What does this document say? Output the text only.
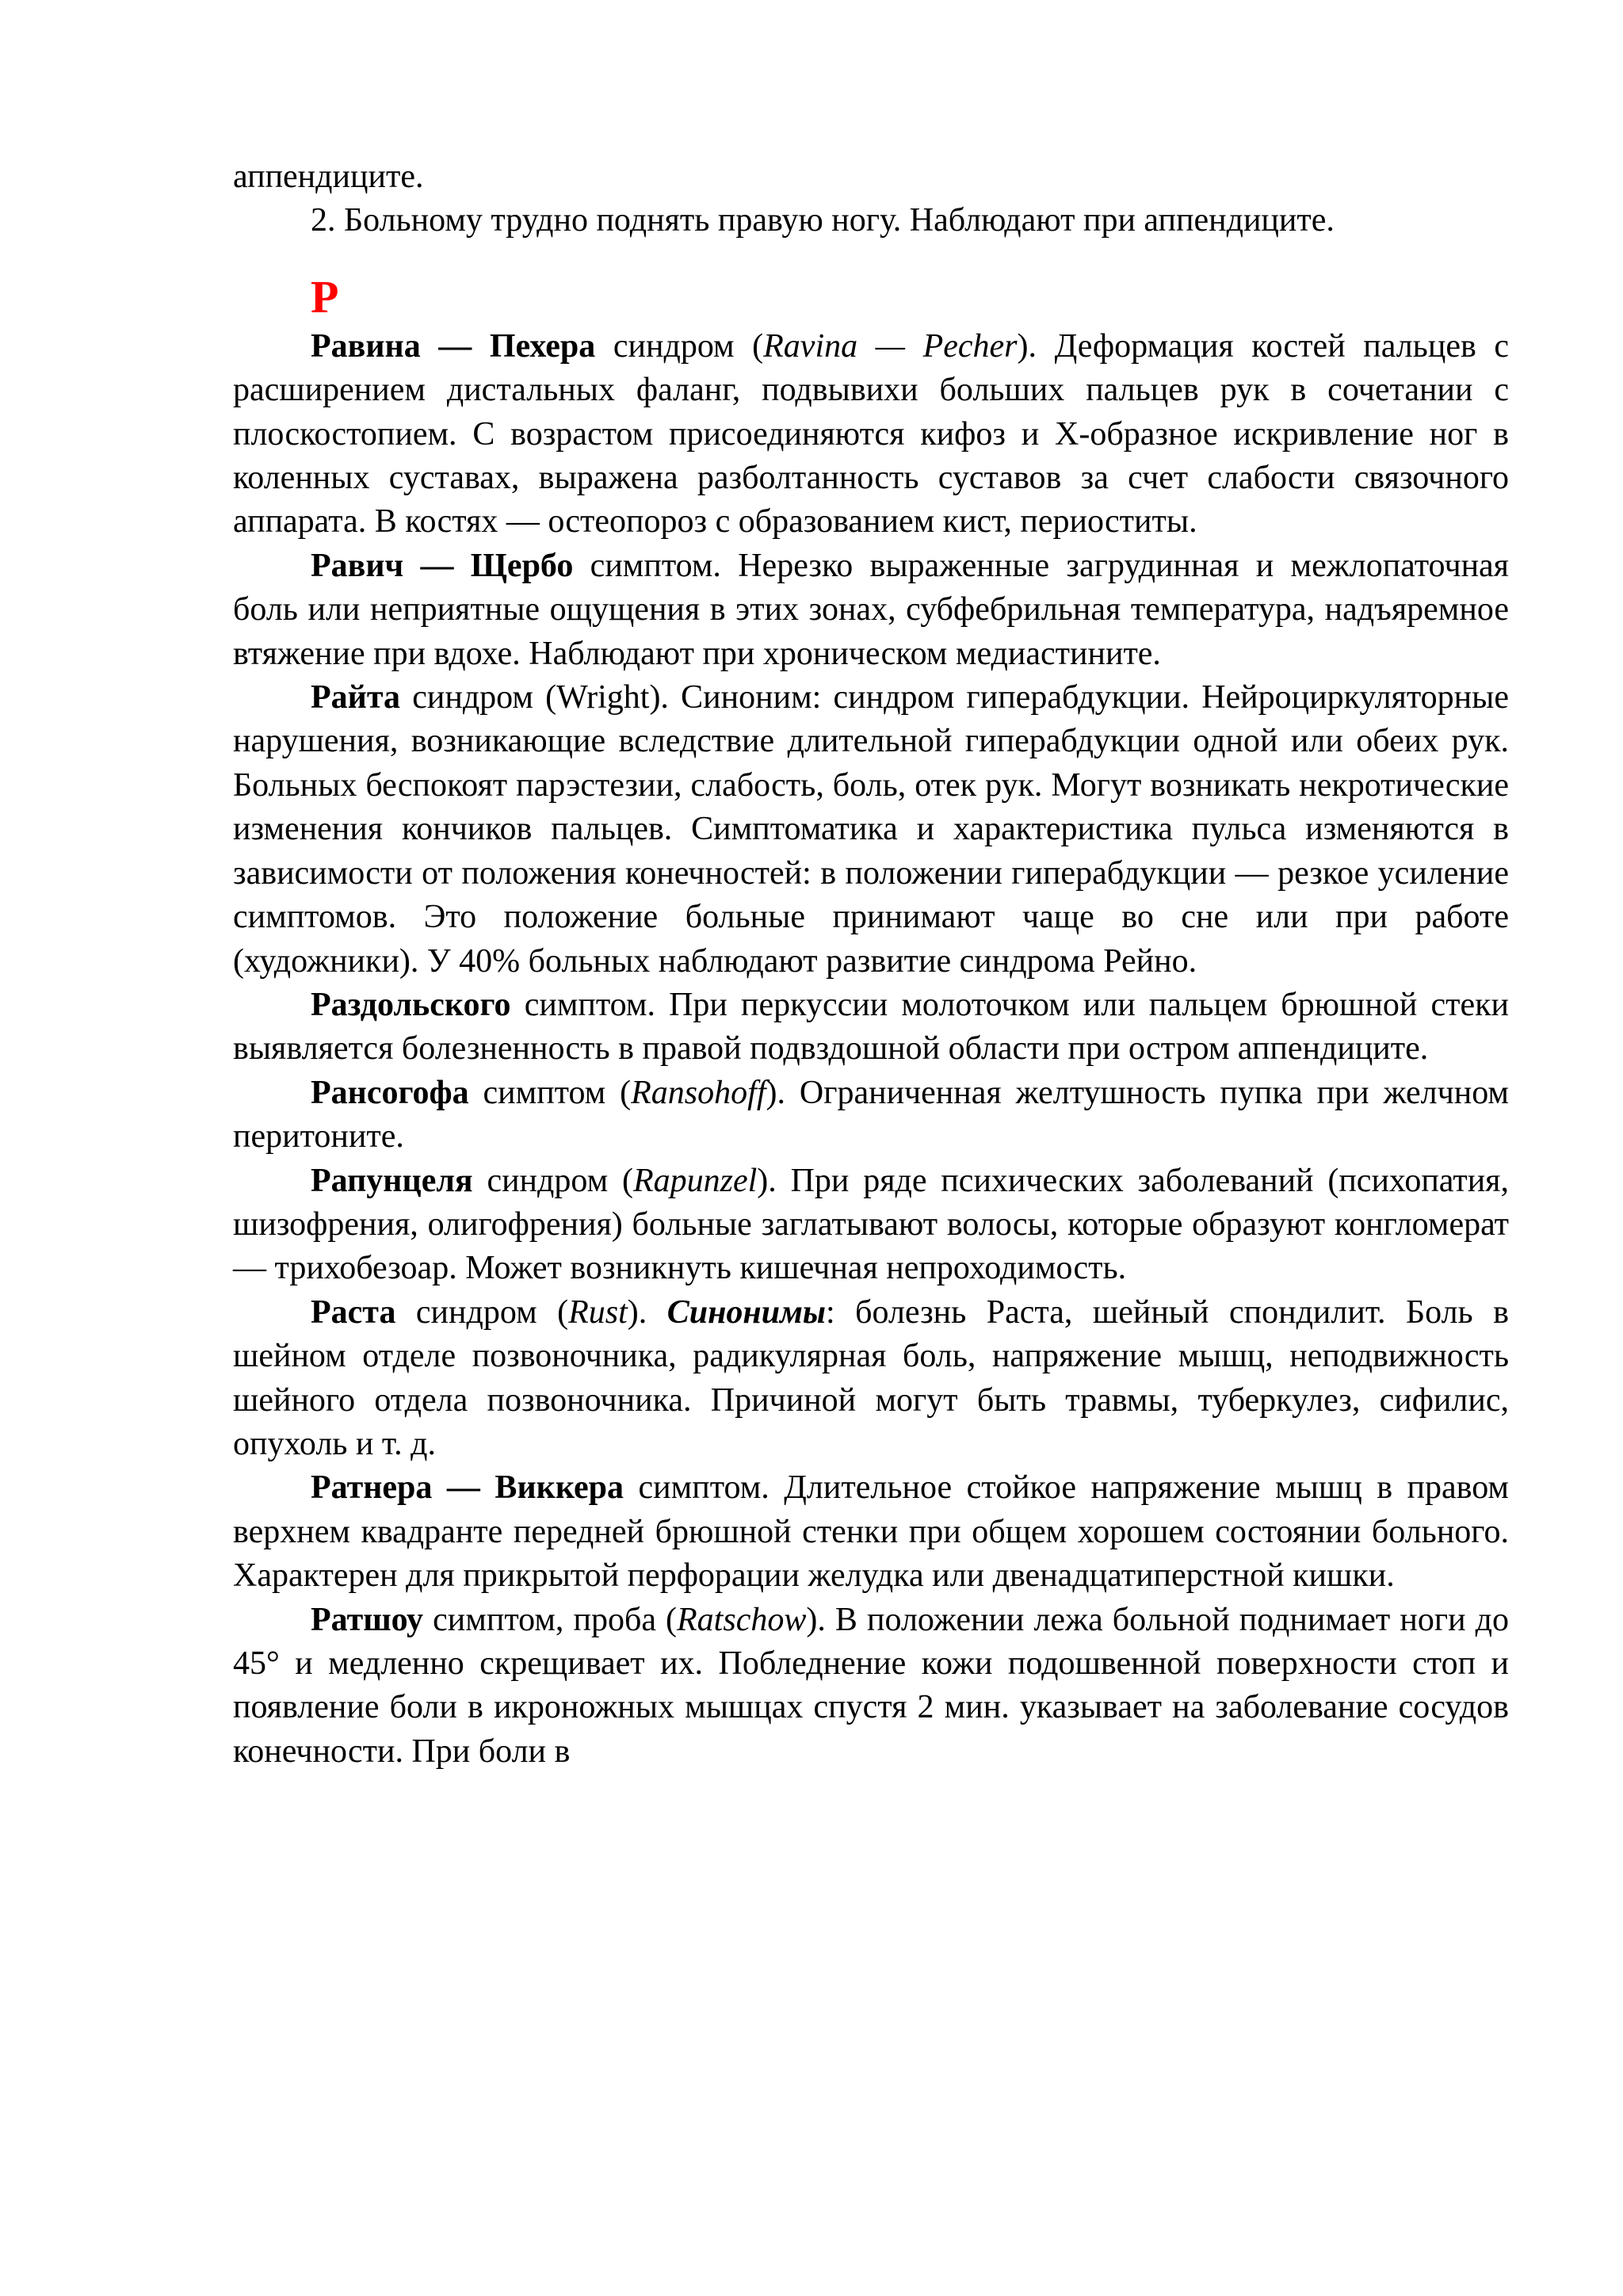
аппендиците.

2. Больному трудно поднять правую ногу. Наблюдают при аппендиците.

Р

Равина — Пехера синдром (Ravina — Pecher). Деформация костей пальцев с расширением дистальных фаланг, подвывихи больших пальцев рук в сочетании с плоскостопием. С возрастом присоединяются кифоз и Х-образное искривление ног в коленных суставах, выражена разболтанность суставов за счет слабости связочного аппарата. В костях — остеопороз с образованием кист, периоститы.

Равич — Щербо симптом. Нерезко выраженные загрудинная и межлопаточная боль или неприятные ощущения в этих зонах, субфебрильная температура, надъяремное втяжение при вдохе. Наблюдают при хроническом медиастините.

Райта синдром (Wright). Синоним: синдром гиперабдукции. Нейроциркуляторные нарушения, возникающие вследствие длительной гиперабдукции одной или обеих рук. Больных беспокоят парэстезии, слабость, боль, отек рук. Могут возникать некротические изменения кончиков пальцев. Симптоматика и характеристика пульса изменяются в зависимости от положения конечностей: в положении гиперабдукции — резкое усиление симптомов. Это положение больные принимают чаще во сне или при работе (художники). У 40% больных наблюдают развитие синдрома Рейно.

Раздольского симптом. При перкуссии молоточком или пальцем брюшной стеки выявляется болезненность в правой подвздошной области при остром аппендиците.

Рансогофа симптом (Ransohoff). Ограниченная желтушность пупка при желчном перитоните.

Рапунцеля синдром (Rapunzel). При ряде психических заболеваний (психопатия, шизофрения, олигофрения) больные заглатывают волосы, которые образуют конгломерат — трихобезоар. Может возникнуть кишечная непроходимость.

Раста синдром (Rust). Синонимы: болезнь Раста, шейный спондилит. Боль в шейном отделе позвоночника, радикулярная боль, напряжение мышц, неподвижность шейного отдела позвоночника. Причиной могут быть травмы, туберкулез, сифилис, опухоль и т. д.

Ратнера — Виккера симптом. Длительное стойкое напряжение мышц в правом верхнем квадранте передней брюшной стенки при общем хорошем состоянии больного. Характерен для прикрытой перфорации желудка или двенадцатиперстной кишки.

Ратшоу симптом, проба (Ratschow). В положении лежа больной поднимает ноги до 45° и медленно скрещивает их. Побледнение кожи подошвенной поверхности стоп и появление боли в икроножных мышцах спустя 2 мин. указывает на заболевание сосудов конечности. При боли в
